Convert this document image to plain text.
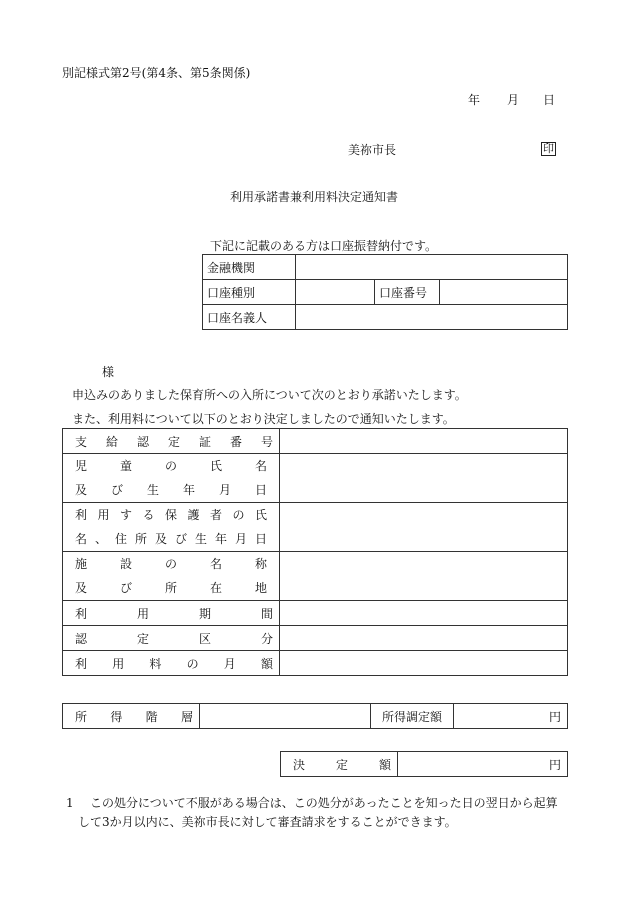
別記様式第2号(第4条、第5条関係)
年 月 日
美祢市長	印
利用承諾書兼利用料決定通知書
下記に記載のある方は口座振替納付です。
金融機関			
口座種別		口座番号	
口座名義人			
様
申込みのありました保育所への入所について次のとおり承諾いたします。
また、利用料について以下のとおり決定しましたので通知いたします。
支給認定証番号	

児童の氏名
及び生年月日	

利用する保護者の氏
名、住所及び生年月日	

施設の名称
及び所在地	

利用期間	
認定区分	
利用料の月額	
所得階層		所得調定額	円
決定額	円
1 この処分について不服がある場合は、この処分があったことを知った日の翌日から起算
して3か月以内に、美祢市長に対して審査請求をすることができます。
